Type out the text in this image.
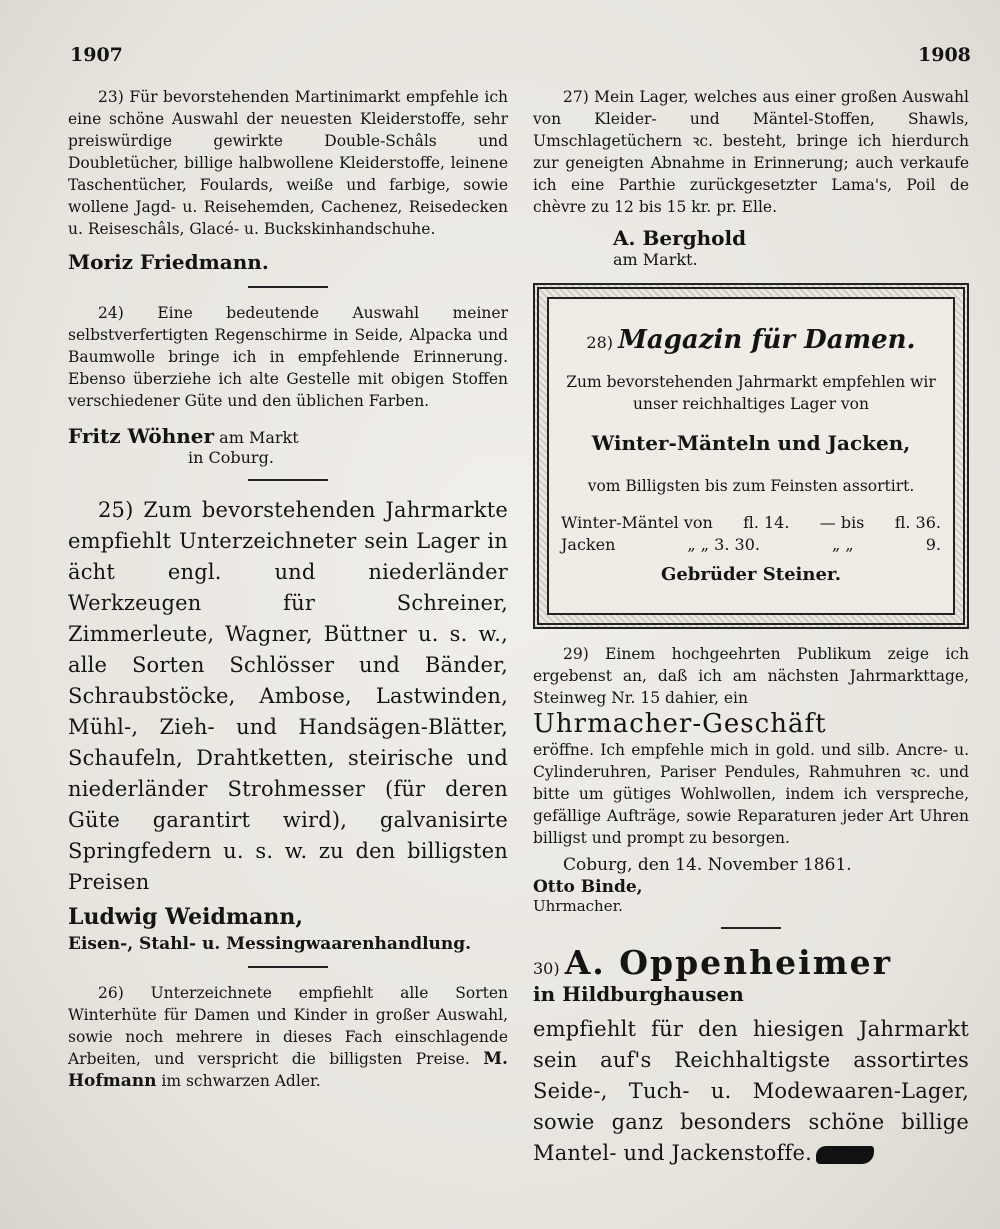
1907	1908

23) Für bevorstehenden Martinimarkt empfehle ich eine schöne Auswahl der neuesten Kleiderstoffe, sehr preiswürdige gewirkte Double-Schâls und Doubletücher, billige halbwollene Kleiderstoffe, leinene Taschentücher, Foulards, weiße und farbige, sowie wollene Jagd- u. Reisehemden, Cachenez, Reisedecken u. Reiseschâls, Glacé- u. Buckskinhandschuhe.

Moriz Friedmann.

24) Eine bedeutende Auswahl meiner selbstverfertigten Regenschirme in Seide, Alpacka und Baumwolle bringe ich in empfehlende Erinnerung. Ebenso überziehe ich alte Gestelle mit obigen Stoffen verschiedener Güte und den üblichen Farben.

Fritz Wöhner am Markt

in Coburg.

25) Zum bevorstehenden Jahrmarkte empfiehlt Unterzeichneter sein Lager in ächt engl. und niederländer Werkzeugen für Schreiner, Zimmerleute, Wagner, Büttner u. s. w., alle Sorten Schlösser und Bänder, Schraubstöcke, Ambose, Lastwinden, Mühl-, Zieh- und Handsägen-Blätter, Schaufeln, Drahtketten, steirische und niederländer Strohmesser (für deren Güte garantirt wird), galvanisirte Springfedern u. s. w. zu den billigsten Preisen

Ludwig Weidmann,

Eisen-, Stahl- u. Messingwaarenhandlung.

26) Unterzeichnete empfiehlt alle Sorten Winterhüte für Damen und Kinder in großer Auswahl, sowie noch mehrere in dieses Fach einschlagende Arbeiten, und verspricht die billigsten Preise. M. Hofmann im schwarzen Adler.

27) Mein Lager, welches aus einer großen Auswahl von Kleider- und Mäntel-Stoffen, Shawls, Umschlagetüchern ꝛc. besteht, bringe ich hierdurch zur geneigten Abnahme in Erinnerung; auch verkaufe ich eine Parthie zurückgesetzter Lama's, Poil de chèvre zu 12 bis 15 kr. pr. Elle.

A. Berghold

am Markt.

28) Magazin für Damen.

Zum bevorstehenden Jahrmarkt empfehlen wir unser reichhaltiges Lager von

Winter-Mänteln und Jacken,

vom Billigsten bis zum Feinsten assortirt.

Winter-Mäntel von fl. 14. — bis fl. 36.
Jacken	„ „ 3. 30.	„ „	9.

Gebrüder Steiner.

29) Einem hochgeehrten Publikum zeige ich ergebenst an, daß ich am nächsten Jahrmarkttage, Steinweg Nr. 15 dahier, ein

Uhrmacher-Geschäft

eröffne. Ich empfehle mich in gold. und silb. Ancre- u. Cylinderuhren, Pariser Pendules, Rahmuhren ꝛc. und bitte um gütiges Wohlwollen, indem ich verspreche, gefällige Aufträge, sowie Reparaturen jeder Art Uhren billigst und prompt zu besorgen.

Coburg, den 14. November 1861.

Otto Binde,

Uhrmacher.

30) A. Oppenheimer

in Hildburghausen

empfiehlt für den hiesigen Jahrmarkt sein auf's Reichhaltigste assortirtes Seide-, Tuch- u. Modewaaren-Lager, sowie ganz besonders schöne billige Mantel- und Jackenstoffe.
